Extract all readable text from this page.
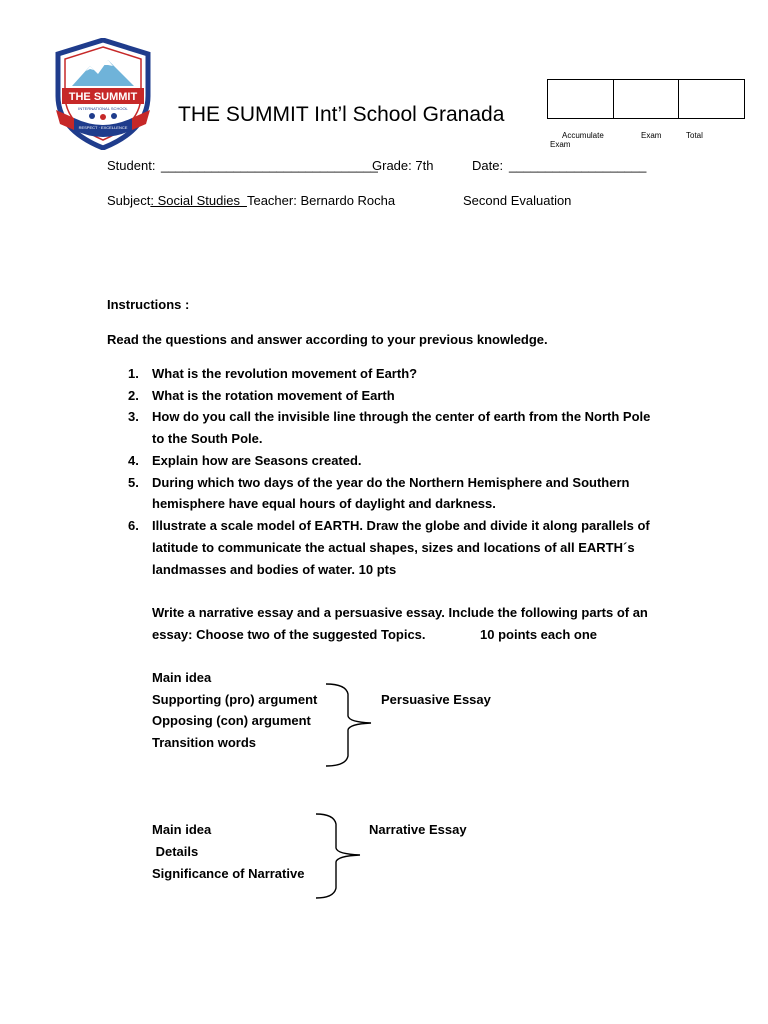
THE SUMMIT
INTERNATIONAL SCHOOL
RESPECT · EXCELLENCE
THE SUMMIT Int’l School Granada
Accumulate	Exam	Total
Exam
Student: ______________________________
Grade: 7th	Date: ___________________
Subject: Social Studies  Teacher: Bernardo Rocha	Second Evaluation
Instructions :
Read the questions and answer according to your previous knowledge.
1. What is the revolution movement of Earth?
2. What is the rotation movement of Earth
3. How do you call the invisible line through the center of earth from the North Pole
to the South Pole.
4. Explain how are Seasons created.
5. During which two days of the year do the Northern Hemisphere and Southern
hemisphere have equal hours of daylight and darkness.
6. Illustrate a scale model of EARTH. Draw the globe and divide it along parallels of
latitude to communicate the actual shapes, sizes and locations of all EARTH´s
landmasses and bodies of water. 10 pts
Write a narrative essay and a persuasive essay. Include the following parts of an
essay: Choose two of the suggested Topics.	10 points each one
Main idea
Supporting (pro) argument
Opposing (con) argument
Transition words
Persuasive Essay
Main idea
Details
Significance of Narrative
Narrative Essay
